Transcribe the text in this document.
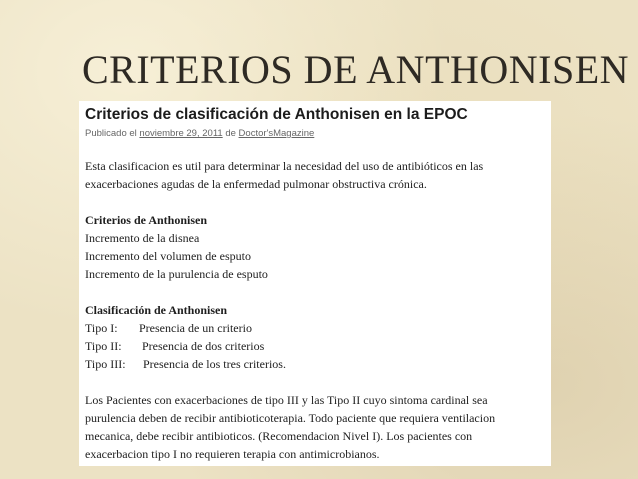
CRITERIOS DE ANTHONISEN
Criterios de clasificación de Anthonisen en la EPOC
Publicado el noviembre 29, 2011 de Doctor'sMagazine
Esta clasificacion es util para determinar la necesidad del uso de antibióticos en las
exacerbaciones agudas de la enfermedad pulmonar obstructiva crónica.
Criterios de Anthonisen
Incremento de la disnea
Incremento del volumen de esputo
Incremento de la purulencia de esputo
Clasificación de Anthonisen
Tipo I: Presencia de un criterio
Tipo II: Presencia de dos criterios
Tipo III: Presencia de los tres criterios.
Los Pacientes con exacerbaciones de tipo III y las Tipo II cuyo sintoma cardinal sea
purulencia deben de recibir antibioticoterapia. Todo paciente que requiera ventilacion
mecanica, debe recibir antibioticos. (Recomendacion Nivel I). Los pacientes con
exacerbacion tipo I no requieren terapia con antimicrobianos.
